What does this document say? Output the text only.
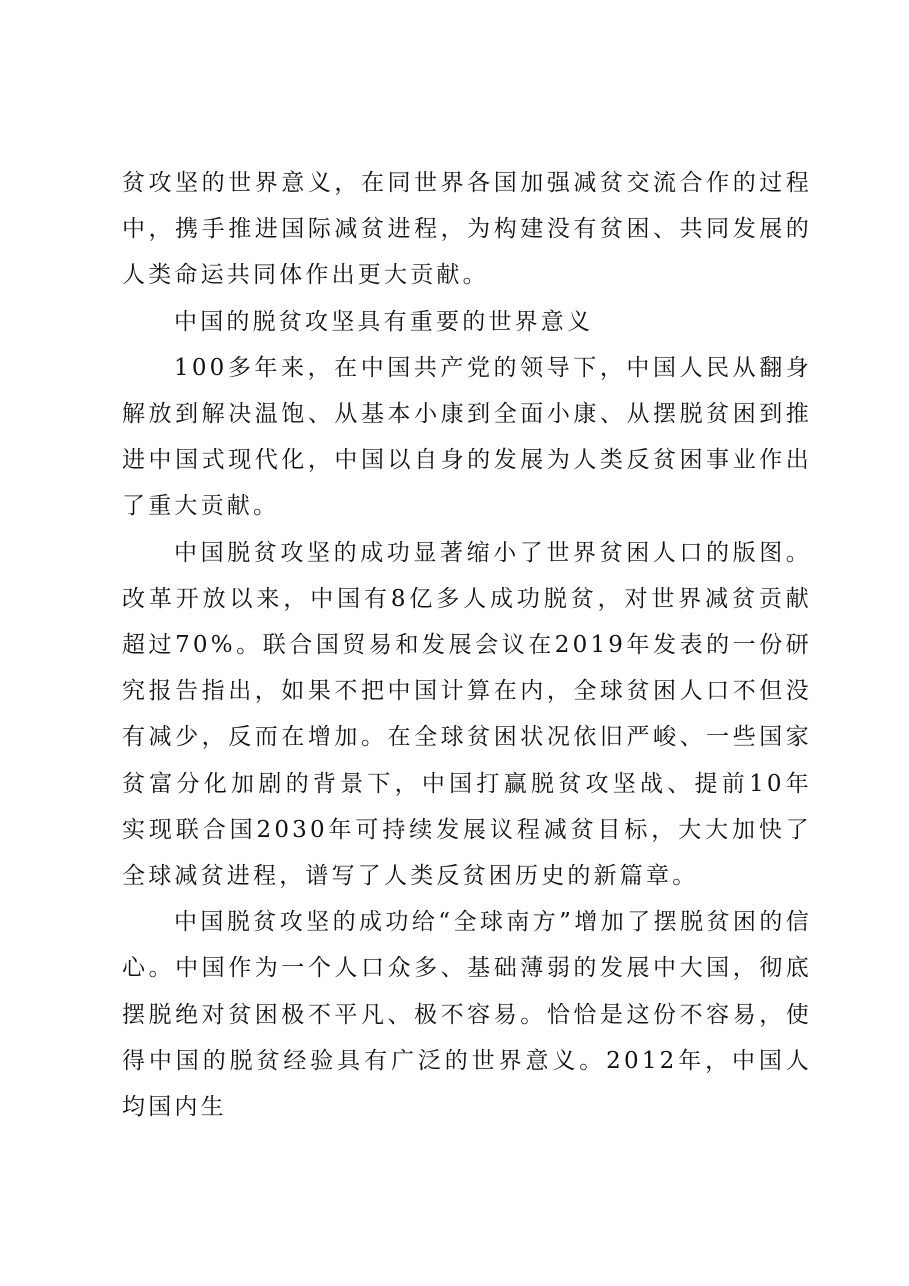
贫攻坚的世界意义，在同世界各国加强减贫交流合作的过程中，携手推进国际减贫进程，为构建没有贫困、共同发展的人类命运共同体作出更大贡献。

中国的脱贫攻坚具有重要的世界意义

100多年来，在中国共产党的领导下，中国人民从翻身解放到解决温饱、从基本小康到全面小康、从摆脱贫困到推进中国式现代化，中国以自身的发展为人类反贫困事业作出了重大贡献。

中国脱贫攻坚的成功显著缩小了世界贫困人口的版图。改革开放以来，中国有8亿多人成功脱贫，对世界减贫贡献超过70%。联合国贸易和发展会议在2019年发表的一份研究报告指出，如果不把中国计算在内，全球贫困人口不但没有减少，反而在增加。在全球贫困状况依旧严峻、一些国家贫富分化加剧的背景下，中国打赢脱贫攻坚战、提前10年实现联合国2030年可持续发展议程减贫目标，大大加快了全球减贫进程，谱写了人类反贫困历史的新篇章。

中国脱贫攻坚的成功给“全球南方”增加了摆脱贫困的信心。中国作为一个人口众多、基础薄弱的发展中大国，彻底摆脱绝对贫困极不平凡、极不容易。恰恰是这份不容易，使得中国的脱贫经验具有广泛的世界意义。2012年，中国人均国内生
